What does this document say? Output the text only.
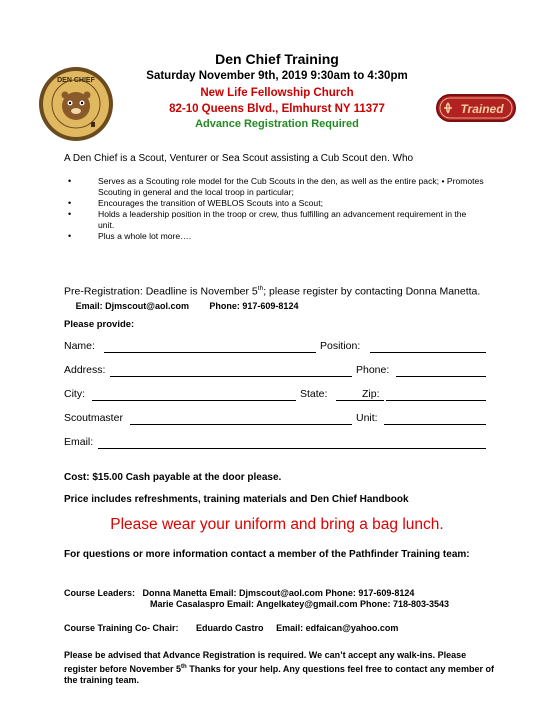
DEN CHIEF
Trained
Den Chief Training
Saturday November 9th, 2019 9:30am to 4:30pm
New Life Fellowship Church
82-10 Queens Blvd., Elmhurst NY 11377
Advance Registration Required
A Den Chief is a Scout, Venturer or Sea Scout assisting a Cub Scout den. Who
• Serves as a Scouting role model for the Cub Scouts in the den, as well as the entire pack; • Promotes Scouting in general and the local troop in particular;
• Encourages the transition of WEBLOS Scouts into a Scout;
• Holds a leadership position in the troop or crew, thus fulfilling an advancement requirement in the unit.
• Plus a whole lot more….
Pre-Registration: Deadline is November 5th; please register by contacting Donna Manetta.     Email: Djmscout@aol.com Phone: 917-609-8124
Please provide:
Name:	Position:
Address:	Phone:
City:	State:	Zip:
Scoutmaster	Unit:
Email:
Cost: $15.00 Cash payable at the door please.
Price includes refreshments, training materials and Den Chief Handbook
Please wear your uniform and bring a bag lunch.
For questions or more information contact a member of the Pathfinder Training team:
Course Leaders: Donna Manetta Email: Djmscout@aol.com Phone: 917-609-8124
Marie Casalaspro Email: Angelkatey@gmail.com Phone: 718-803-3543
Course Training Co- Chair: Eduardo Castro Email: edfaican@yahoo.com
Please be advised that Advance Registration is required. We can’t accept any walk-ins. Please register before November 5th Thanks for your help. Any questions feel free to contact any member of the training team.
